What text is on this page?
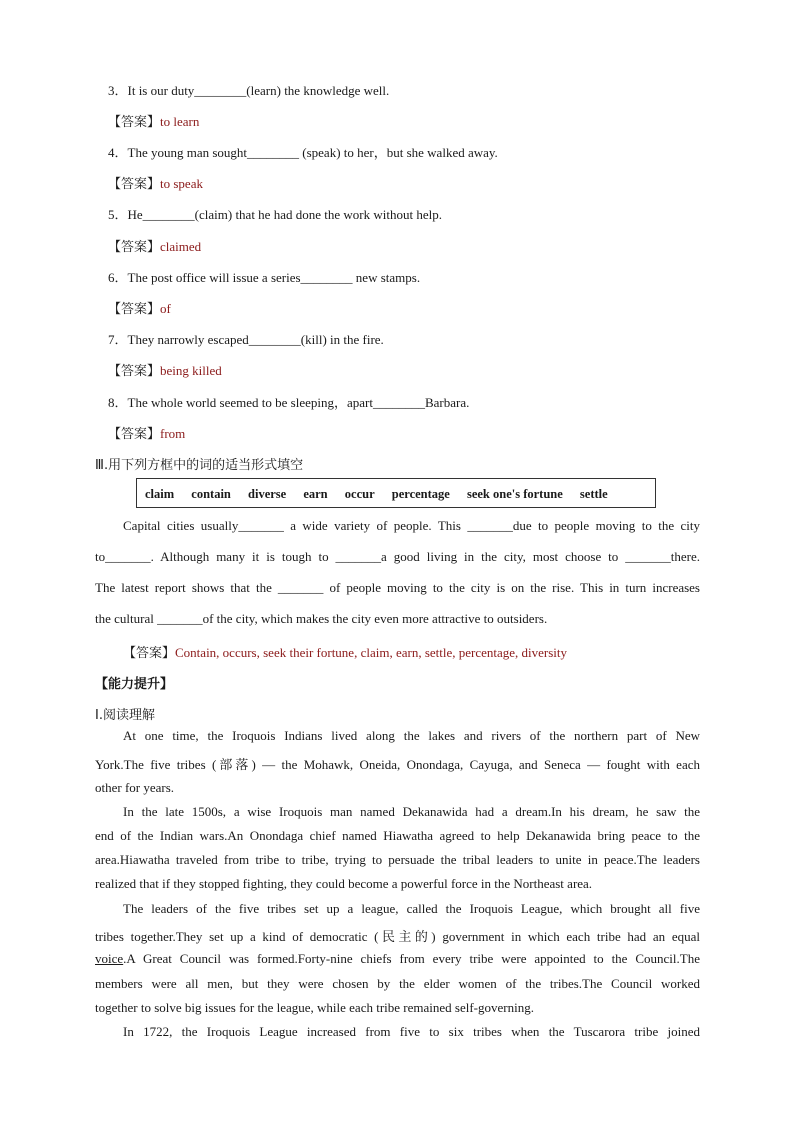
3．It is our duty________(learn) the knowledge well.
【答案】to learn
4．The young man sought________ (speak) to her，but she walked away.
【答案】to speak
5．He________(claim) that he had done the work without help.
【答案】claimed
6．The post office will issue a series________ new stamps.
【答案】of
7．They narrowly escaped________(kill) in the fire.
【答案】being killed
8．The whole world seemed to be sleeping，apart________Barbara.
【答案】from
Ⅲ.用下列方框中的词的适当形式填空
claim contain diverse earn occur percentage seek one's fortune settle
Capital cities usually_______ a wide variety of people. This _______due to people moving to the city
to_______. Although many it is tough to _______a good living in the city, most choose to _______there.
The latest report shows that the _______ of people moving to the city is on the rise. This in turn increases
the cultural _______of the city, which makes the city even more attractive to outsiders.
【答案】Contain, occurs, seek their fortune, claim, earn, settle, percentage, diversity
【能力提升】
Ⅰ.阅读理解
At one time, the Iroquois Indians lived along the lakes and rivers of the northern part of New
York.The five tribes (部落) — the Mohawk, Oneida, Onondaga, Cayuga, and Seneca — fought with each
other for years.
In the late 1500s, a wise Iroquois man named Dekanawida had a dream.In his dream, he saw the
end of the Indian wars.An Onondaga chief named Hiawatha agreed to help Dekanawida bring peace to the
area.Hiawatha traveled from tribe to tribe, trying to persuade the tribal leaders to unite in peace.The leaders
realized that if they stopped fighting, they could become a powerful force in the Northeast area.
The leaders of the five tribes set up a league, called the Iroquois League, which brought all five
tribes together.They set up a kind of democratic (民主的) government in which each tribe had an equal
voice.A Great Council was formed.Forty-nine chiefs from every tribe were appointed to the Council.The
members were all men, but they were chosen by the elder women of the tribes.The Council worked
together to solve big issues for the league, while each tribe remained self-governing.
In 1722, the Iroquois League increased from five to six tribes when the Tuscarora tribe joined
